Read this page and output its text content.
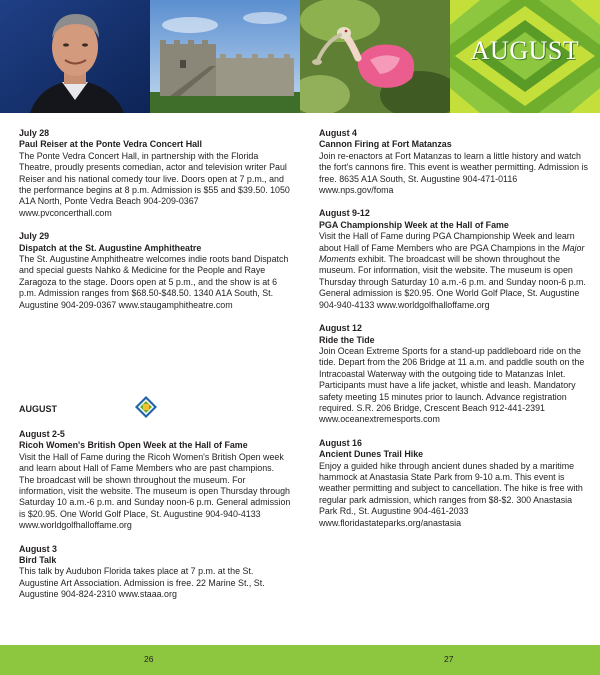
AUGUST
July 28
Paul Reiser at the Ponte Vedra Concert Hall

The Ponte Vedra Concert Hall, in partnership with the Florida Theatre, proudly presents comedian, actor and television writer Paul Reiser and his national comedy tour live. Doors open at 7 p.m., and the performance begins at 8 p.m. Admission is $55 and $39.50. 1050 A1A North, Ponte Vedra Beach 904-209-0367 www.pvconcerthall.com

July 29
Dispatch at the St. Augustine Amphitheatre

The St. Augustine Amphitheatre welcomes indie roots band Dispatch and special guests Nahko & Medicine for the People and Raye Zaragoza to the stage. Doors open at 5 p.m., and the show is at 6 p.m. Admission ranges from $68.50-$48.50. 1340 A1A South, St. Augustine 904-209-0367 www.staugamphitheatre.com

AUGUST
August 2-5
Ricoh Women's British Open Week at the Hall of Fame

Visit the Hall of Fame during the Ricoh Women's British Open week and learn about Hall of Fame Members who are past champions. The broadcast will be shown throughout the museum. For information, visit the website. The museum is open Thursday through Saturday 10 a.m.-6 p.m. and Sunday noon-6 p.m. General admission is $20.95. One World Golf Place, St. Augustine 904-940-4133 www.worldgolfhalloffame.org

August 3
Bird Talk

This talk by Audubon Florida takes place at 7 p.m. at the St. Augustine Art Association. Admission is free. 22 Marine St., St. Augustine 904-824-2310 www.staaa.org

August 4
Cannon Firing at Fort Matanzas

Join re-enactors at Fort Matanzas to learn a little history and watch the fort's cannons fire. This event is weather permitting. Admission is free. 8635 A1A South, St. Augustine 904-471-0116 www.nps.gov/foma

August 9-12
PGA Championship Week at the Hall of Fame

Visit the Hall of Fame during PGA Championship Week and learn about Hall of Fame Members who are PGA Champions in the Major Moments exhibit. The broadcast will be shown throughout the museum. For information, visit the website. The museum is open Thursday through Saturday 10 a.m.-6 p.m. and Sunday noon-6 p.m. General admission is $20.95. One World Golf Place, St. Augustine 904-940-4133 www.worldgolfhalloffame.org

August 12
Ride the Tide

Join Ocean Extreme Sports for a stand-up paddleboard ride on the tide. Depart from the 206 Bridge at 11 a.m. and paddle south on the Intracoastal Waterway with the outgoing tide to Matanzas Inlet. Participants must have a life jacket, whistle and leash. Mandatory safety meeting 15 minutes prior to launch. Advance registration required. S.R. 206 Bridge, Crescent Beach 912-441-2391 www.oceanextremesports.com

August 16
Ancient Dunes Trail Hike

Enjoy a guided hike through ancient dunes shaded by a maritime hammock at Anastasia State Park from 9-10 a.m. This event is weather permitting and subject to cancellation. The hike is free with regular park admission, which ranges from $8-$2. 300 Anastasia Park Rd., St. Augustine 904-461-2033 www.floridastateparks.org/anastasia

26	27
